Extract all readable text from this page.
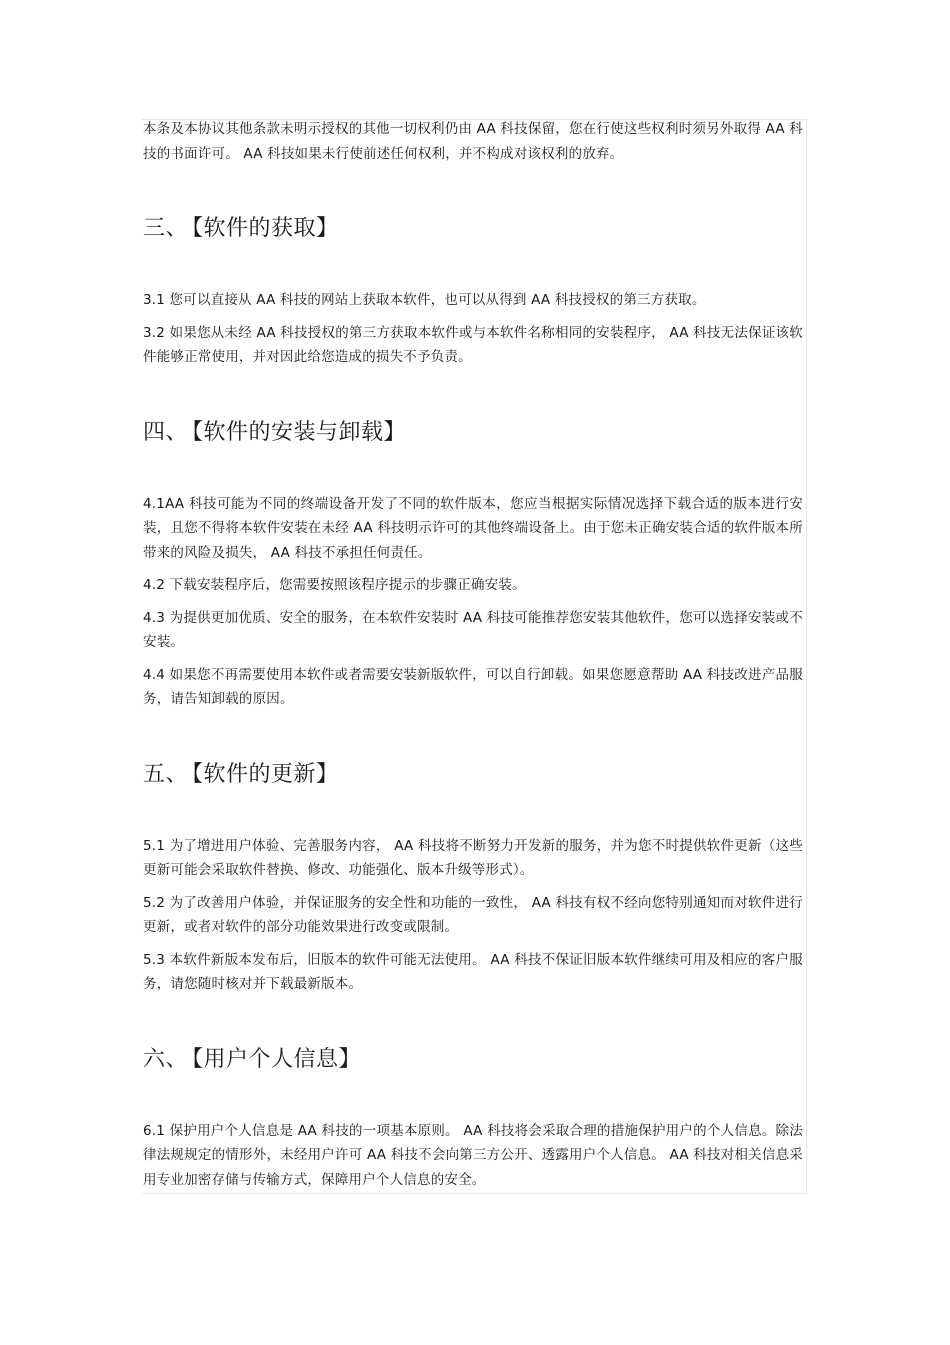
本条及本协议其他条款未明示授权的其他一切权利仍由 AA 科技保留，您在行使这些权利时须另外取得 AA 科技的书面许可。 AA 科技如果未行使前述任何权利，并不构成对该权利的放弃。

三、 【软件的获取】

3.1 您可以直接从 AA 科技的网站上获取本软件，也可以从得到 AA 科技授权的第三方获取。

3.2 如果您从未经 AA 科技授权的第三方获取本软件或与本软件名称相同的安装程序， AA 科技无法保证该软件能够正常使用，并对因此给您造成的损失不予负责。

四、 【软件的安装与卸载】

4.1AA 科技可能为不同的终端设备开发了不同的软件版本，您应当根据实际情况选择下载合适的版本进行安装，且您不得将本软件安装在未经 AA 科技明示许可的其他终端设备上。由于您未正确安装合适的软件版本所带来的风险及损失， AA 科技不承担任何责任。

4.2 下载安装程序后，您需要按照该程序提示的步骤正确安装。

4.3 为提供更加优质、安全的服务，在本软件安装时 AA 科技可能推荐您安装其他软件，您可以选择安装或不安装。

4.4 如果您不再需要使用本软件或者需要安装新版软件，可以自行卸载。如果您愿意帮助 AA 科技改进产品服务，请告知卸载的原因。

五、 【软件的更新】

5.1 为了增进用户体验、完善服务内容， AA 科技将不断努力开发新的服务，并为您不时提供软件更新（这些更新可能会采取软件替换、修改、功能强化、版本升级等形式）。

5.2 为了改善用户体验，并保证服务的安全性和功能的一致性， AA 科技有权不经向您特别通知而对软件进行更新，或者对软件的部分功能效果进行改变或限制。

5.3 本软件新版本发布后，旧版本的软件可能无法使用。 AA 科技不保证旧版本软件继续可用及相应的客户服务，请您随时核对并下载最新版本。

六、 【用户个人信息】

6.1 保护用户个人信息是 AA 科技的一项基本原则。 AA 科技将会采取合理的措施保护用户的个人信息。除法律法规规定的情形外，未经用户许可 AA 科技不会向第三方公开、透露用户个人信息。 AA 科技对相关信息采用专业加密存储与传输方式，保障用户个人信息的安全。
